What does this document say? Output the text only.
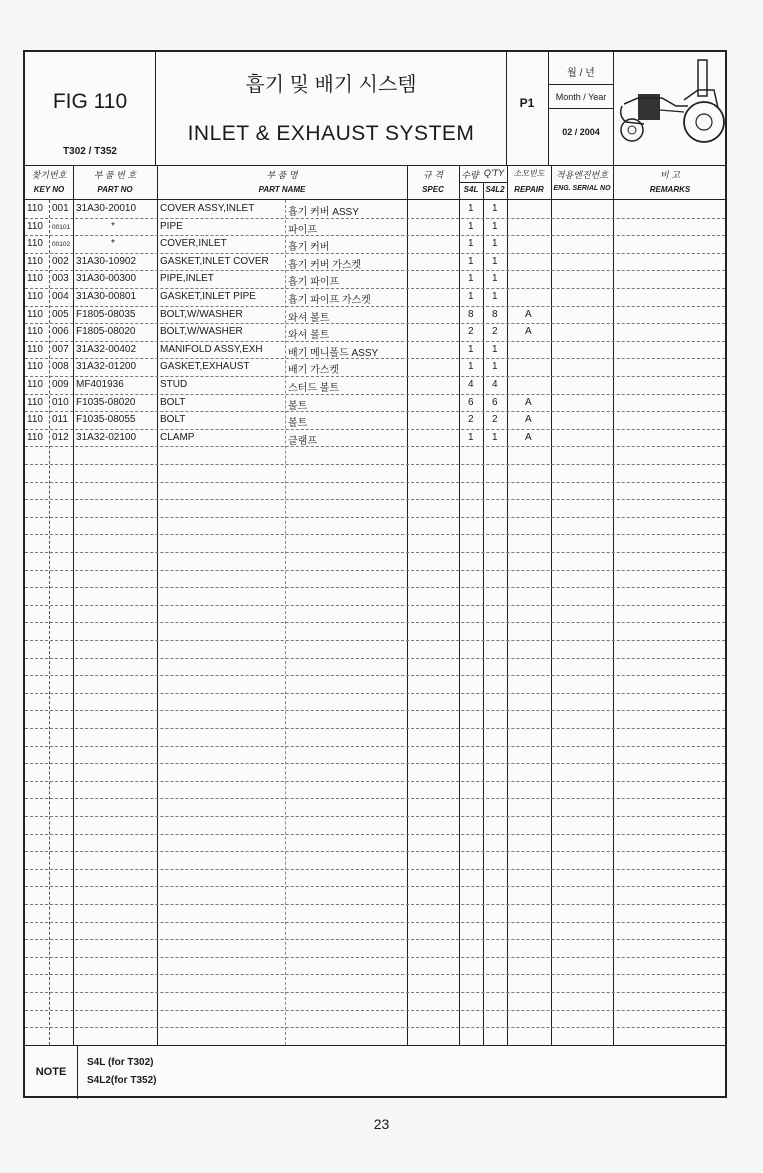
FIG 110
T302 / T352
흡기 및 배기 시스템
INLET & EXHAUST SYSTEM
P1
월 / 년
Month / Year
02 / 2004
찾기번호
KEY NO
부 품 번 호
PART NO
부 품 명
PART NAME
규 격
SPEC
수량 Q'TY
S4L S4L2
소모빈도
REPAIR
적용엔진번호
ENG. SERIAL NO
비 고
REMARKS
110 001 31A30-20010 COVER ASSY,INLET	흡기 커버 ASSY	1 1
110 00101	*	PIPE	파이프	1 1
110 00102	*	COVER,INLET	흡기 커버	1 1
110 002 31A30-10902 GASKET,INLET COVER 흡기 커버 가스켓	1 1
110 003 31A30-00300 PIPE,INLET	흡기 파이프	1 1
110 004 31A30-00801 GASKET,INLET PIPE	흡기 파이프 가스켓	1 1
110 005 F1805-08035 BOLT,W/WASHER	와셔 볼트	8 8	A
110 006 F1805-08020 BOLT,W/WASHER	와셔 볼트	2 2	A
110 007 31A32-00402 MANIFOLD ASSY,EXH	배기 메니폴드 ASSY	1 1
110 008 31A32-01200 GASKET,EXHAUST	배기 가스켓	1 1
110 009 MF401936	STUD	스터드 볼트	4 4
110 010 F1035-08020 BOLT	볼트	6 6	A
110 011 F1035-08055 BOLT	볼트	2 2	A
110 012 31A32-02100 CLAMP	클램프	1 1	A
NOTE
S4L (for T302)
S4L2(for T352)
23
